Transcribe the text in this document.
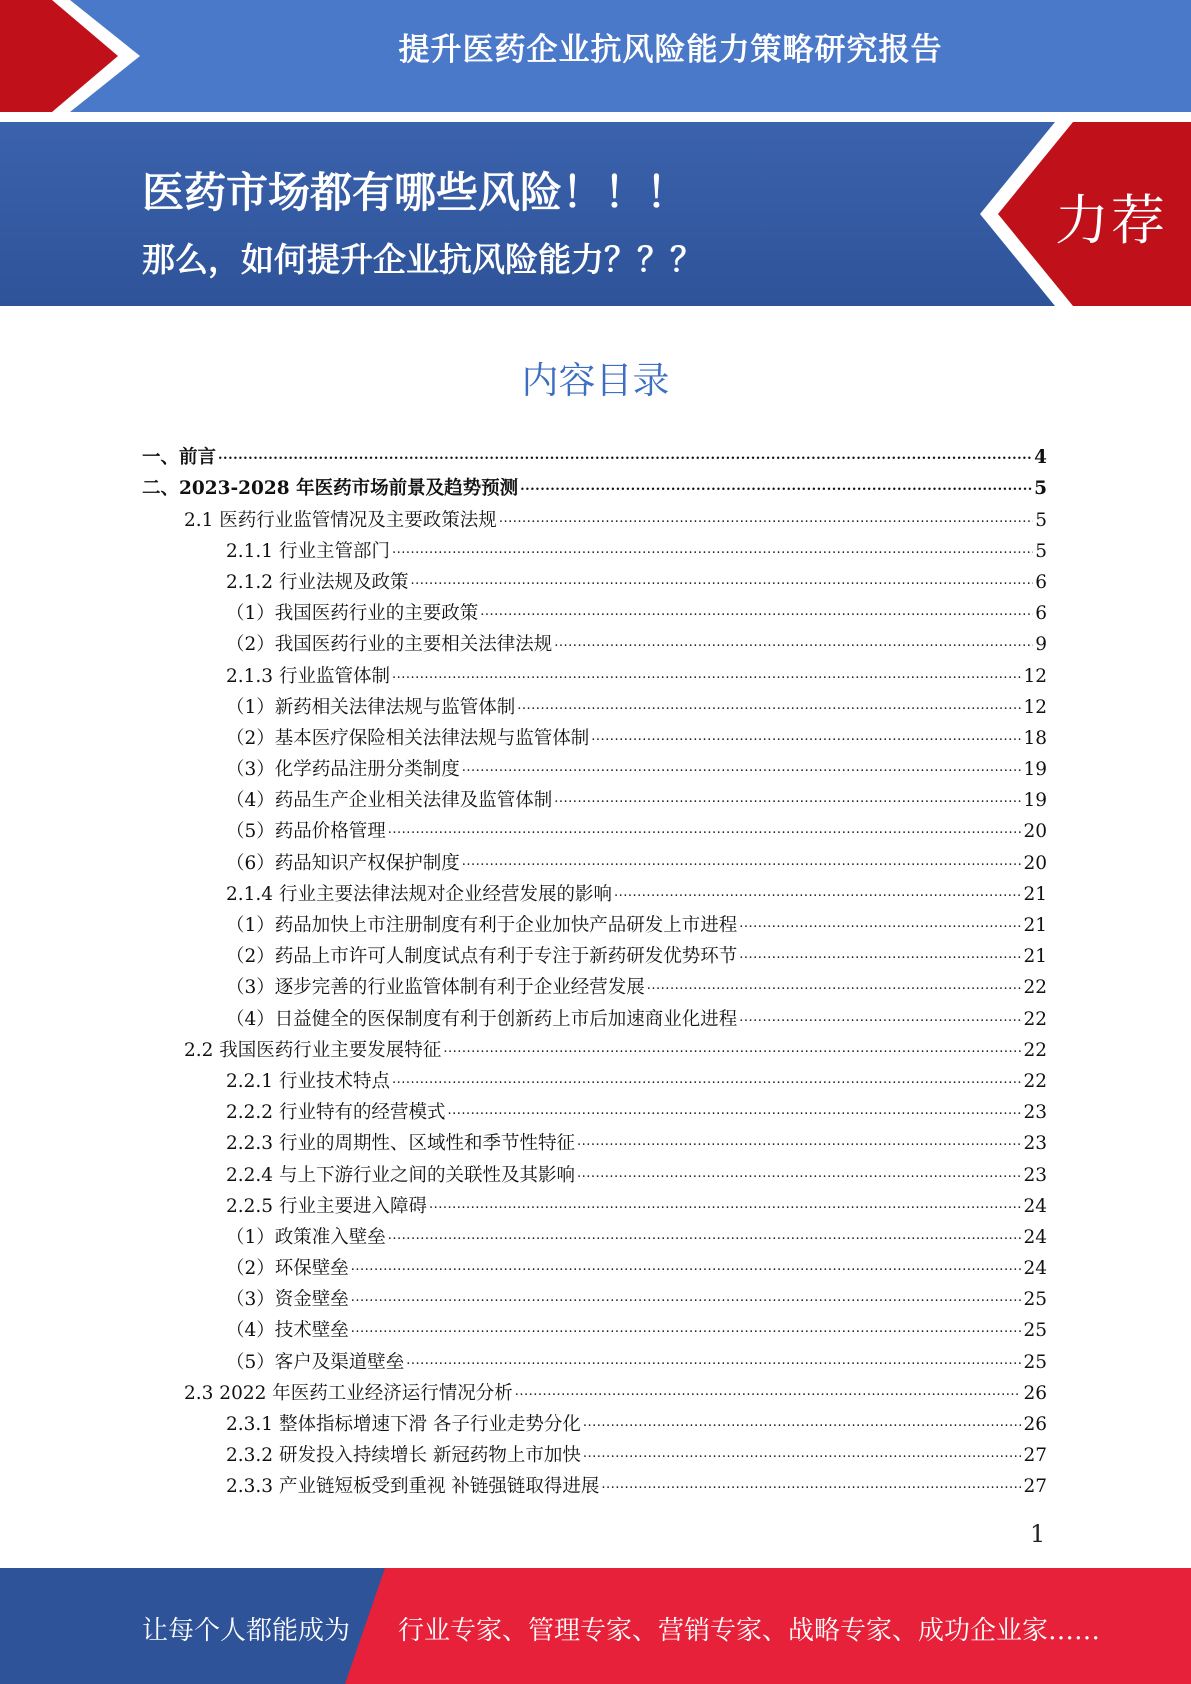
提升医药企业抗风险能力策略研究报告
医药市场都有哪些风险！！！
那么，如何提升企业抗风险能力？？？
力荐
内容目录
一、前言 .....	4
二、2023-2028 年医药市场前景及趋势预测 .....	5
2.1 医药行业监管情况及主要政策法规 .....	5
2.1.1 行业主管部门 .....	5
2.1.2 行业法规及政策 .....	6
（1）我国医药行业的主要政策 .....	6
（2）我国医药行业的主要相关法律法规 .....	9
2.1.3 行业监管体制 .....	12
（1）新药相关法律法规与监管体制 .....	12
（2）基本医疗保险相关法律法规与监管体制 .....	18
（3）化学药品注册分类制度 .....	19
（4）药品生产企业相关法律及监管体制 .....	19
（5）药品价格管理 .....	20
（6）药品知识产权保护制度 .....	20
2.1.4 行业主要法律法规对企业经营发展的影响 .....	21
（1）药品加快上市注册制度有利于企业加快产品研发上市进程 .....	21
（2）药品上市许可人制度试点有利于专注于新药研发优势环节 .....	21
（3）逐步完善的行业监管体制有利于企业经营发展 .....	22
（4）日益健全的医保制度有利于创新药上市后加速商业化进程 .....	22
2.2 我国医药行业主要发展特征 .....	22
2.2.1 行业技术特点 .....	22
2.2.2 行业特有的经营模式 .....	23
2.2.3 行业的周期性、区域性和季节性特征 .....	23
2.2.4 与上下游行业之间的关联性及其影响 .....	23
2.2.5 行业主要进入障碍 .....	24
（1）政策准入壁垒 .....	24
（2）环保壁垒 .....	24
（3）资金壁垒 .....	25
（4）技术壁垒 .....	25
（5）客户及渠道壁垒 .....	25
2.3 2022 年医药工业经济运行情况分析 .....	26
2.3.1 整体指标增速下滑 各子行业走势分化 .....	26
2.3.2 研发投入持续增长 新冠药物上市加快 .....	27
2.3.3 产业链短板受到重视 补链强链取得进展 .....	27
1
让每个人都能成为 行业专家、管理专家、营销专家、战略专家、成功企业家……
